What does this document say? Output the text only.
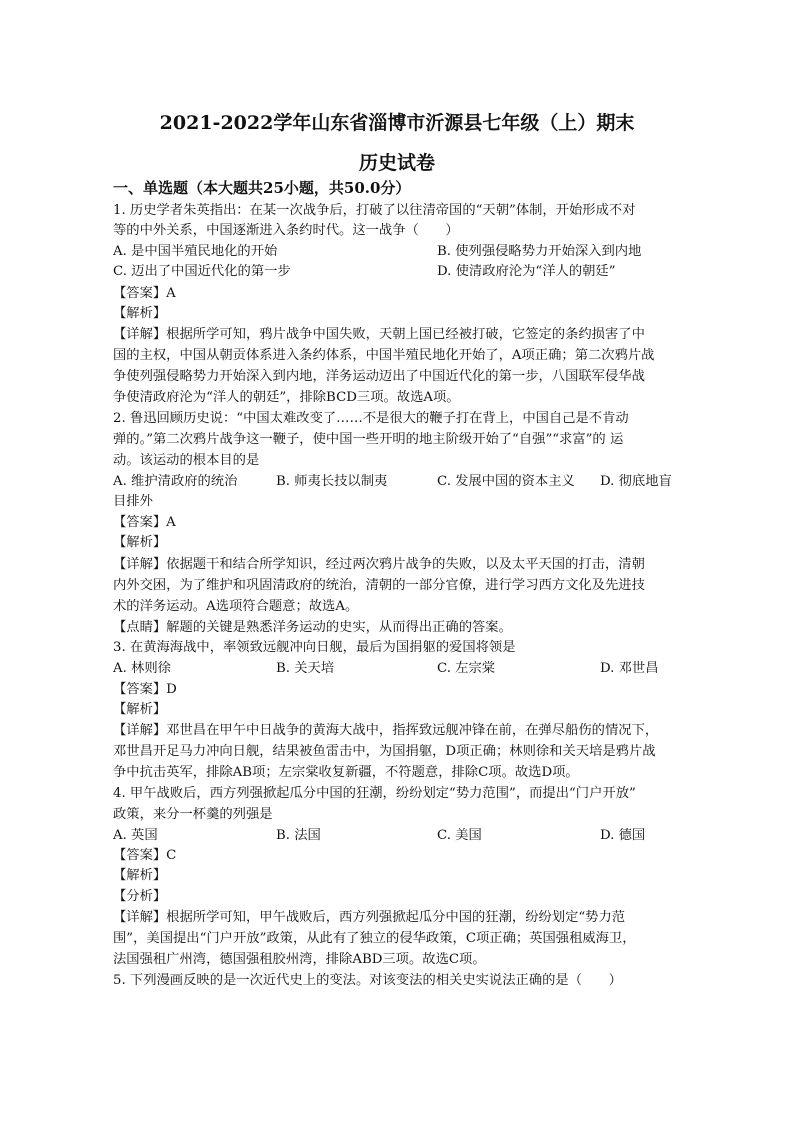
2021-2022学年山东省淄博市沂源县七年级（上）期末
历史试卷
一、单选题（本大题共25小题，共50.0分）
1. 历史学者朱英指出：在某一次战争后，打破了以往清帝国的“天朝”体制，开始形成不对
等的中外关系，中国逐渐进入条约时代。这一战争（　　）
A. 是中国半殖民地化的开始	B. 使列强侵略势力开始深入到内地
C. 迈出了中国近代化的第一步	D. 使清政府沦为“洋人的朝廷”
【答案】A
【解析】
【详解】根据所学可知，鸦片战争中国失败，天朝上国已经被打破，它签定的条约损害了中
国的主权，中国从朝贡体系进入条约体系，中国半殖民地化开始了，A项正确；第二次鸦片战
争使列强侵略势力开始深入到内地，洋务运动迈出了中国近代化的第一步，八国联军侵华战
争使清政府沦为“洋人的朝廷”，排除BCD三项。故选A项。
2. 鲁迅回顾历史说：“中国太难改变了……不是很大的鞭子打在背上，中国自己是不肯动
弹的。”第二次鸦片战争这一鞭子，使中国一些开明的地主阶级开始了“自强”“求富”的 运
动。该运动的根本目的是
A. 维护清政府的统治	B. 师夷长技以制夷	C. 发展中国的资本主义 D. 彻底地盲
目排外
【答案】A
【解析】
【详解】依据题干和结合所学知识，经过两次鸦片战争的失败，以及太平天国的打击，清朝
内外交困，为了维护和巩固清政府的统治，清朝的一部分官僚，进行学习西方文化及先进技
术的洋务运动。A选项符合题意；故选A。
【点睛】解题的关键是熟悉洋务运动的史实，从而得出正确的答案。
3. 在黄海海战中，率领致远舰冲向日舰，最后为国捐躯的爱国将领是
A. 林则徐	B. 关天培	C. 左宗棠	D. 邓世昌
【答案】D
【解析】
【详解】邓世昌在甲午中日战争的黄海大战中，指挥致远舰冲锋在前，在弹尽船伤的情况下，
邓世昌开足马力冲向日舰，结果被鱼雷击中，为国捐躯，D项正确；林则徐和关天培是鸦片战
争中抗击英军，排除AB项；左宗棠收复新疆，不符题意，排除C项。故选D项。
4. 甲午战败后，西方列强掀起瓜分中国的狂潮，纷纷划定“势力范围”，而提出“门户开放”
政策，来分一杯羹的列强是
A. 英国	B. 法国	C. 美国	D. 德国
【答案】C
【解析】
【分析】
【详解】根据所学可知，甲午战败后，西方列强掀起瓜分中国的狂潮，纷纷划定“势力范
围”，美国提出“门户开放”政策，从此有了独立的侵华政策，C项正确；英国强租威海卫，
法国强租广州湾，德国强租胶州湾，排除ABD三项。故选C项。
5. 下列漫画反映的是一次近代史上的变法。对该变法的相关史实说法正确的是（　　）
